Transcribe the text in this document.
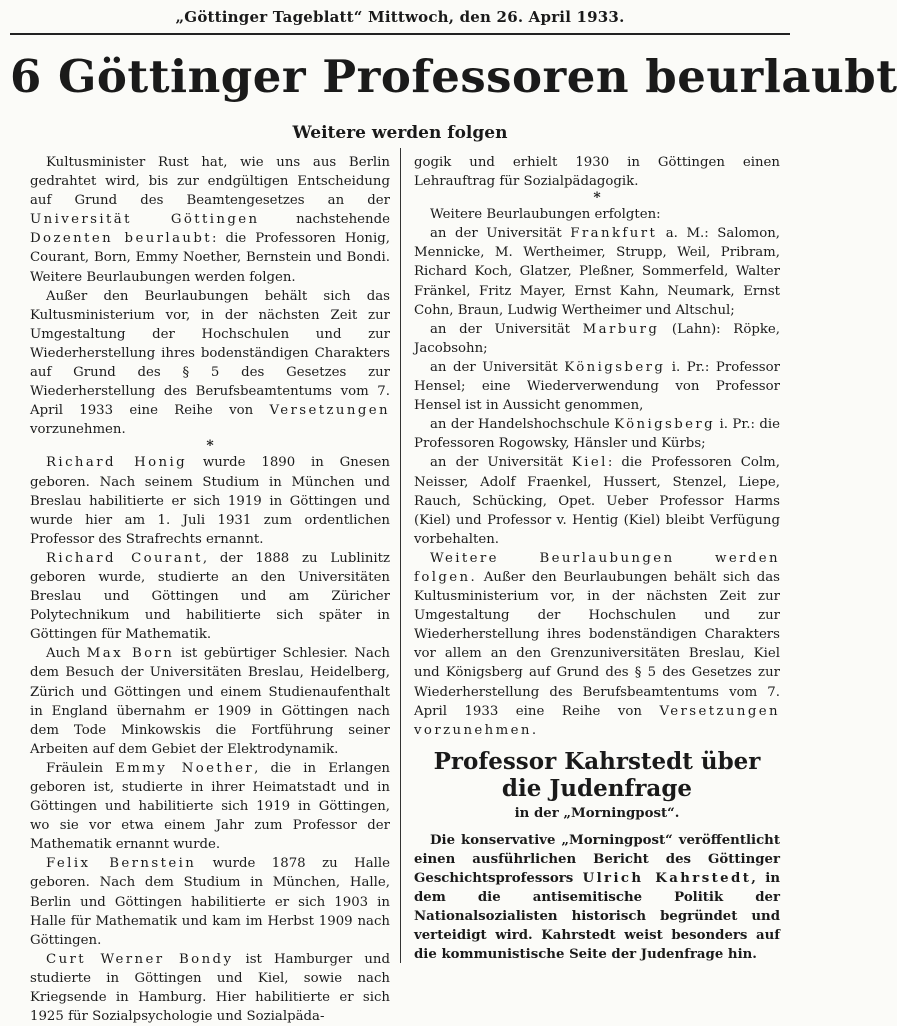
„Göttinger Tageblatt“ Mittwoch, den 26. April 1933.
6 Göttinger Professoren beurlaubt
Weitere werden folgen

Kultusminister Rust hat, wie uns aus Berlin gedrahtet wird, bis zur endgültigen Entscheidung auf Grund des Beamtengesetzes an der Universität Göttingen nachstehende Dozenten beurlaubt: die Professoren Honig, Courant, Born, Emmy Noether, Bernstein und Bondi. Weitere Beurlaubungen werden folgen.

Außer den Beurlaubungen behält sich das Kultusministerium vor, in der nächsten Zeit zur Umgestaltung der Hochschulen und zur Wiederherstellung ihres bodenständigen Charakters auf Grund des § 5 des Gesetzes zur Wiederherstellung des Berufsbeamtentums vom 7. April 1933 eine Reihe von Versetzungen vorzunehmen.

*

Richard Honig wurde 1890 in Gnesen geboren. Nach seinem Studium in München und Breslau habilitierte er sich 1919 in Göttingen und wurde hier am 1. Juli 1931 zum ordentlichen Professor des Strafrechts ernannt.

Richard Courant, der 1888 zu Lublinitz geboren wurde, studierte an den Universitäten Breslau und Göttingen und am Züricher Polytechnikum und habilitierte sich später in Göttingen für Mathematik.

Auch Max Born ist gebürtiger Schlesier. Nach dem Besuch der Universitäten Breslau, Heidelberg, Zürich und Göttingen und einem Studienaufenthalt in England übernahm er 1909 in Göttingen nach dem Tode Minkowskis die Fortführung seiner Arbeiten auf dem Gebiet der Elektrodynamik.

Fräulein Emmy Noether, die in Erlangen geboren ist, studierte in ihrer Heimatstadt und in Göttingen und habilitierte sich 1919 in Göttingen, wo sie vor etwa einem Jahr zum Professor der Mathematik ernannt wurde.

Felix Bernstein wurde 1878 zu Halle geboren. Nach dem Studium in München, Halle, Berlin und Göttingen habilitierte er sich 1903 in Halle für Mathematik und kam im Herbst 1909 nach Göttingen.

Curt Werner Bondy ist Hamburger und studierte in Göttingen und Kiel, sowie nach Kriegsende in Hamburg. Hier habilitierte er sich 1925 für Sozialpsychologie und Sozialpäda-

gogik und erhielt 1930 in Göttingen einen Lehrauftrag für Sozialpädagogik.

*

Weitere Beurlaubungen erfolgten:

an der Universität Frankfurt a. M.: Salomon, Mennicke, M. Wertheimer, Strupp, Weil, Pribram, Richard Koch, Glatzer, Pleßner, Sommerfeld, Walter Fränkel, Fritz Mayer, Ernst Kahn, Neumark, Ernst Cohn, Braun, Ludwig Wertheimer und Altschul;

an der Universität Marburg (Lahn): Röpke, Jacobsohn;

an der Universität Königsberg i. Pr.: Professor Hensel; eine Wiederverwendung von Professor Hensel ist in Aussicht genommen,

an der Handelshochschule Königsberg i. Pr.: die Professoren Rogowsky, Hänsler und Kürbs;

an der Universität Kiel: die Professoren Colm, Neisser, Adolf Fraenkel, Hussert, Stenzel, Liepe, Rauch, Schücking, Opet. Ueber Professor Harms (Kiel) und Professor v. Hentig (Kiel) bleibt Verfügung vorbehalten.

Weitere Beurlaubungen werden folgen. Außer den Beurlaubungen behält sich das Kultusministerium vor, in der nächsten Zeit zur Umgestaltung der Hochschulen und zur Wiederherstellung ihres bodenständigen Charakters vor allem an den Grenzuniversitäten Breslau, Kiel und Königsberg auf Grund des § 5 des Gesetzes zur Wiederherstellung des Berufsbeamtentums vom 7. April 1933 eine Reihe von Versetzungen vorzunehmen.

Professor Kahrstedt über die Judenfrage
in der „Morningpost“.

Die konservative „Morningpost“ veröffentlicht einen ausführlichen Bericht des Göttinger Geschichtsprofessors Ulrich Kahrstedt, in dem die antisemitische Politik der Nationalsozialisten historisch begründet und verteidigt wird. Kahrstedt weist besonders auf die kommunistische Seite der Judenfrage hin.
